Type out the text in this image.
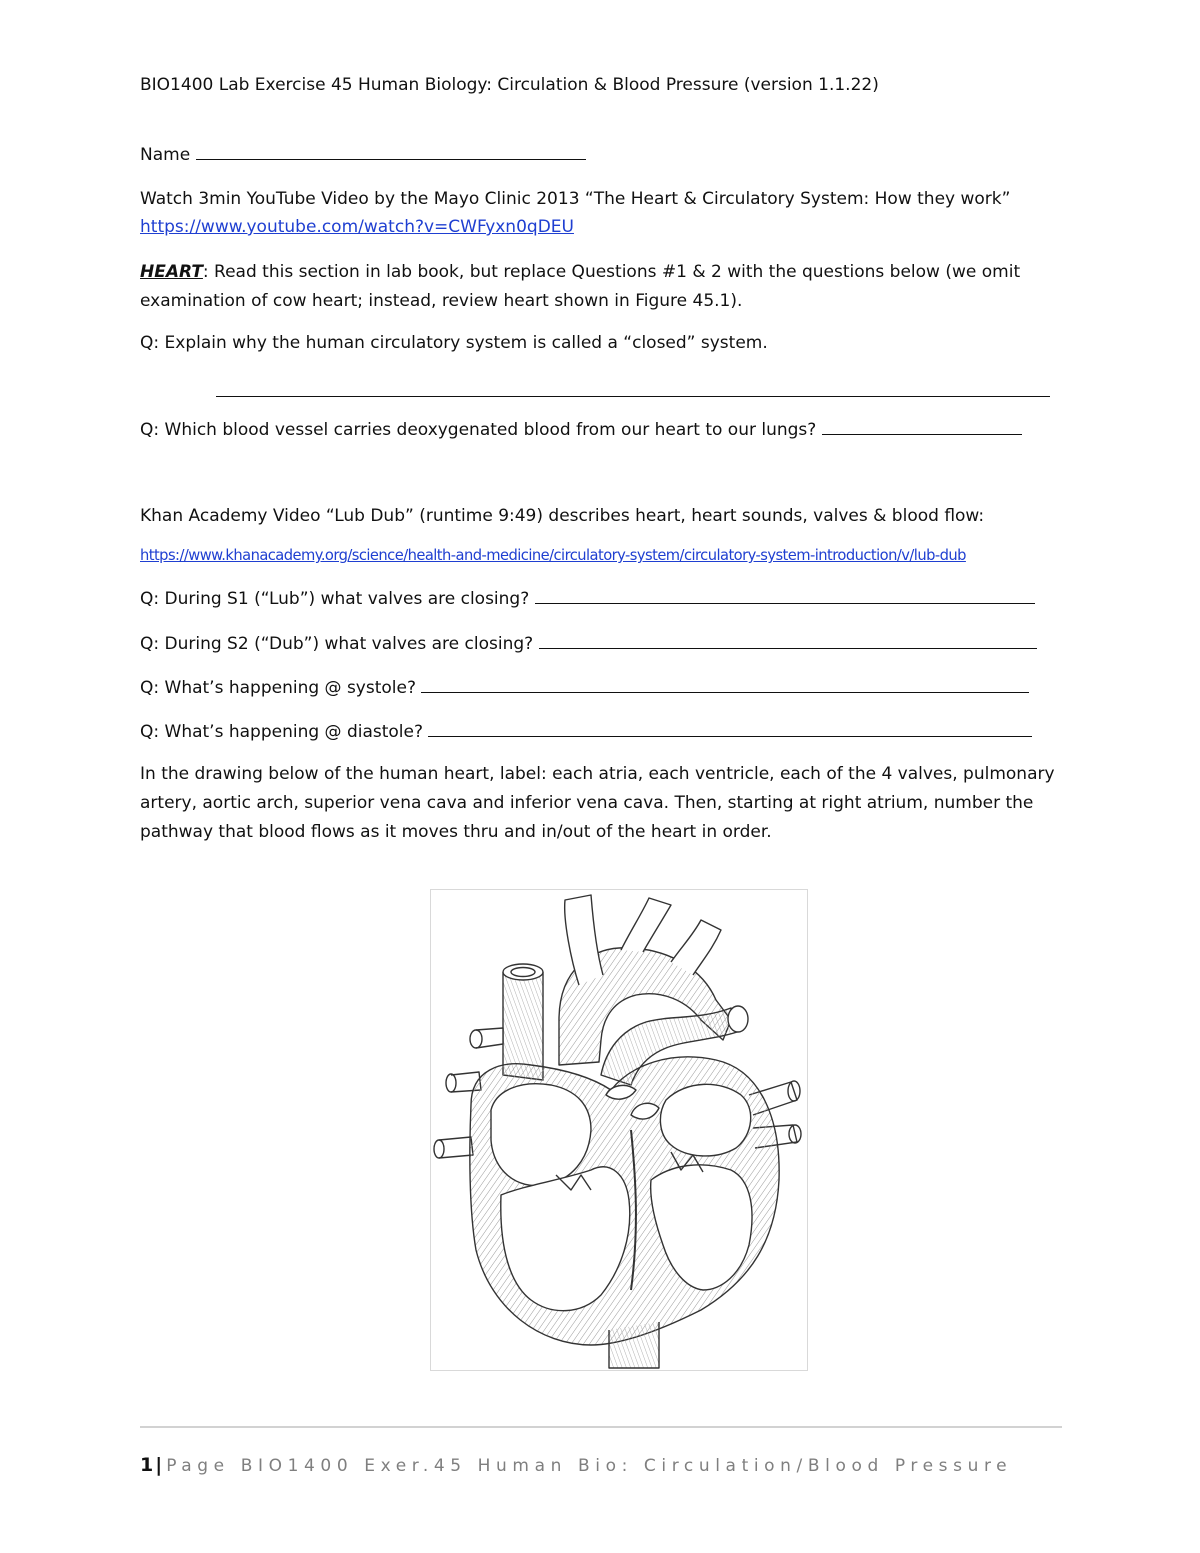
BIO1400 Lab Exercise 45 Human Biology: Circulation & Blood Pressure (version 1.1.22)

Name

Watch 3min YouTube Video by the Mayo Clinic 2013 “The Heart & Circulatory System: How they work”

https://www.youtube.com/watch?v=CWFyxn0qDEU

HEART: Read this section in lab book, but replace Questions #1 & 2 with the questions below (we omit examination of cow heart; instead, review heart shown in Figure 45.1).

Q: Explain why the human circulatory system is called a “closed” system.

Q: Which blood vessel carries deoxygenated blood from our heart to our lungs?

Khan Academy Video “Lub Dub” (runtime 9:49) describes heart, heart sounds, valves & blood flow:

https://www.khanacademy.org/science/health-and-medicine/circulatory-system/circulatory-system-introduction/v/lub-dub

Q: During S1 (“Lub”) what valves are closing?

Q: During S2 (“Dub”) what valves are closing?

Q: What’s happening @ systole?

Q: What’s happening @ diastole?

In the drawing below of the human heart, label: each atria, each ventricle, each of the 4 valves, pulmonary artery, aortic arch, superior vena cava and inferior vena cava. Then, starting at right atrium, number the pathway that blood flows as it moves thru and in/out of the heart in order.

1 | Page BIO1400 Exer.45 Human Bio: Circulation/Blood Pressure
